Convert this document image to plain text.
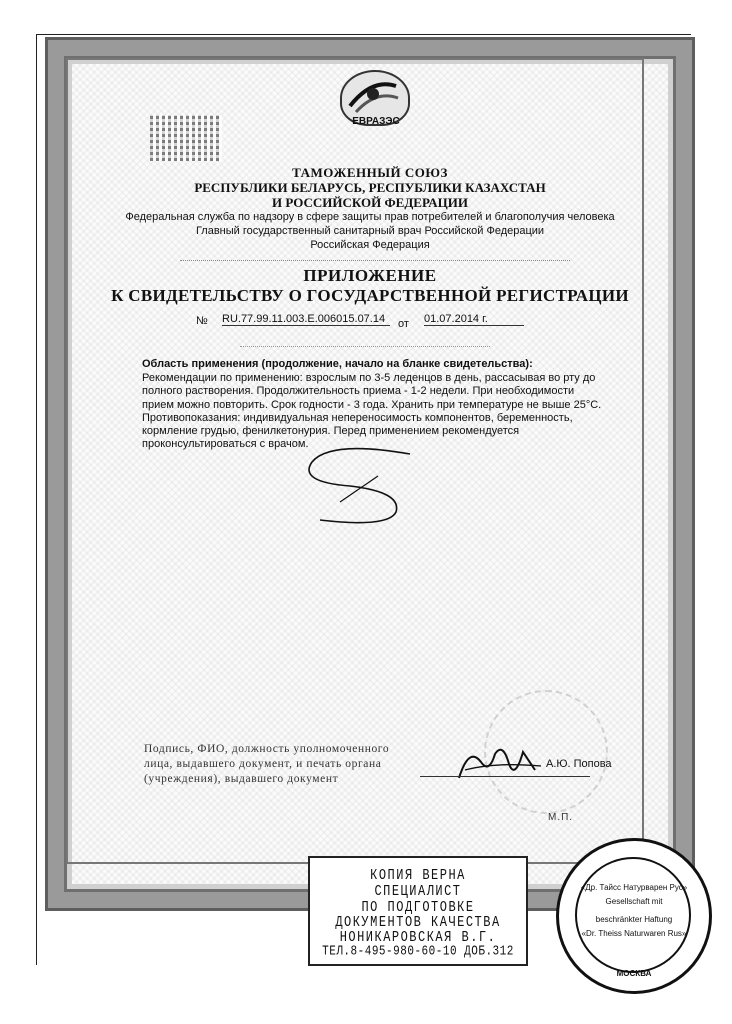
ЕВРАЗЭС
ТАМОЖЕННЫЙ СОЮЗ
РЕСПУБЛИКИ БЕЛАРУСЬ, РЕСПУБЛИКИ КАЗАХСТАН
И РОССИЙСКОЙ ФЕДЕРАЦИИ
Федеральная служба по надзору в сфере защиты прав потребителей и благополучия человека
Главный государственный санитарный врач Российской Федерации
Российская Федерация
ПРИЛОЖЕНИЕ
К СВИДЕТЕЛЬСТВУ О ГОСУДАРСТВЕННОЙ РЕГИСТРАЦИИ
№ RU.77.99.11.003.Е.006015.07.14	от 01.07.2014 г.
Область применения (продолжение, начало на бланке свидетельства):
Рекомендации по применению: взрослым по 3-5 леденцов в день, рассасывая во рту до полного растворения. Продолжительность приема - 1-2 недели. При необходимости прием можно повторить. Срок годности - 3 года. Хранить при температуре не выше 25°С. Противопоказания: индивидуальная непереносимость компонентов, беременность, кормление грудью, фенилкетонурия. Перед применением рекомендуется проконсультироваться с врачом.
Подпись, ФИО, должность уполномоченного лица, выдавшего документ, и печать органа (учреждения), выдавшего документ
А.Ю. Попова
М.П.
КОПИЯ ВЕРНА
СПЕЦИАЛИСТ
ПО ПОДГОТОВКЕ
ДОКУМЕНТОВ КАЧЕСТВА
НОНИКАРОВСКАЯ В.Г.
ТЕЛ.8-495-980-60-10 ДОБ.312
«Др. Тайсс Натурварен Рус»
Gesellschaft mit
beschränkter Haftung
«Dr. Theiss Naturwaren Rus»
МОСКВА
